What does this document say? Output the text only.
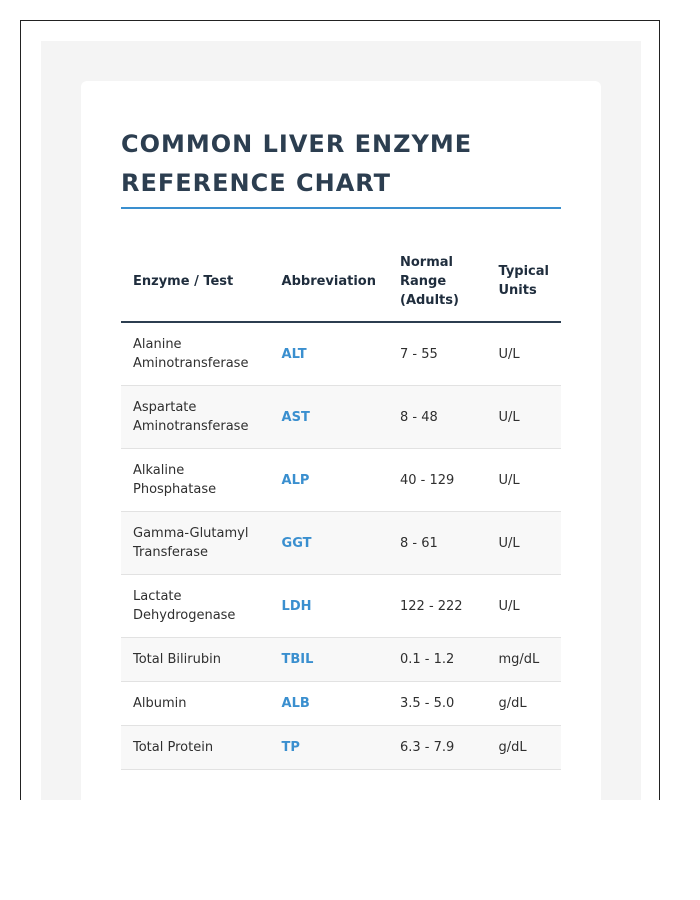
COMMON LIVER ENZYME REFERENCE CHART
Enzyme / Test	Abbreviation	Normal Range (Adults)	Typical Units
Alanine Aminotransferase	ALT	7 - 55	U/L
Aspartate Aminotransferase	AST	8 - 48	U/L
Alkaline Phosphatase	ALP	40 - 129	U/L
Gamma-Glutamyl Transferase	GGT	8 - 61	U/L
Lactate Dehydrogenase	LDH	122 - 222	U/L
Total Bilirubin	TBIL	0.1 - 1.2	mg/dL
Albumin	ALB	3.5 - 5.0	g/dL
Total Protein	TP	6.3 - 7.9	g/dL
